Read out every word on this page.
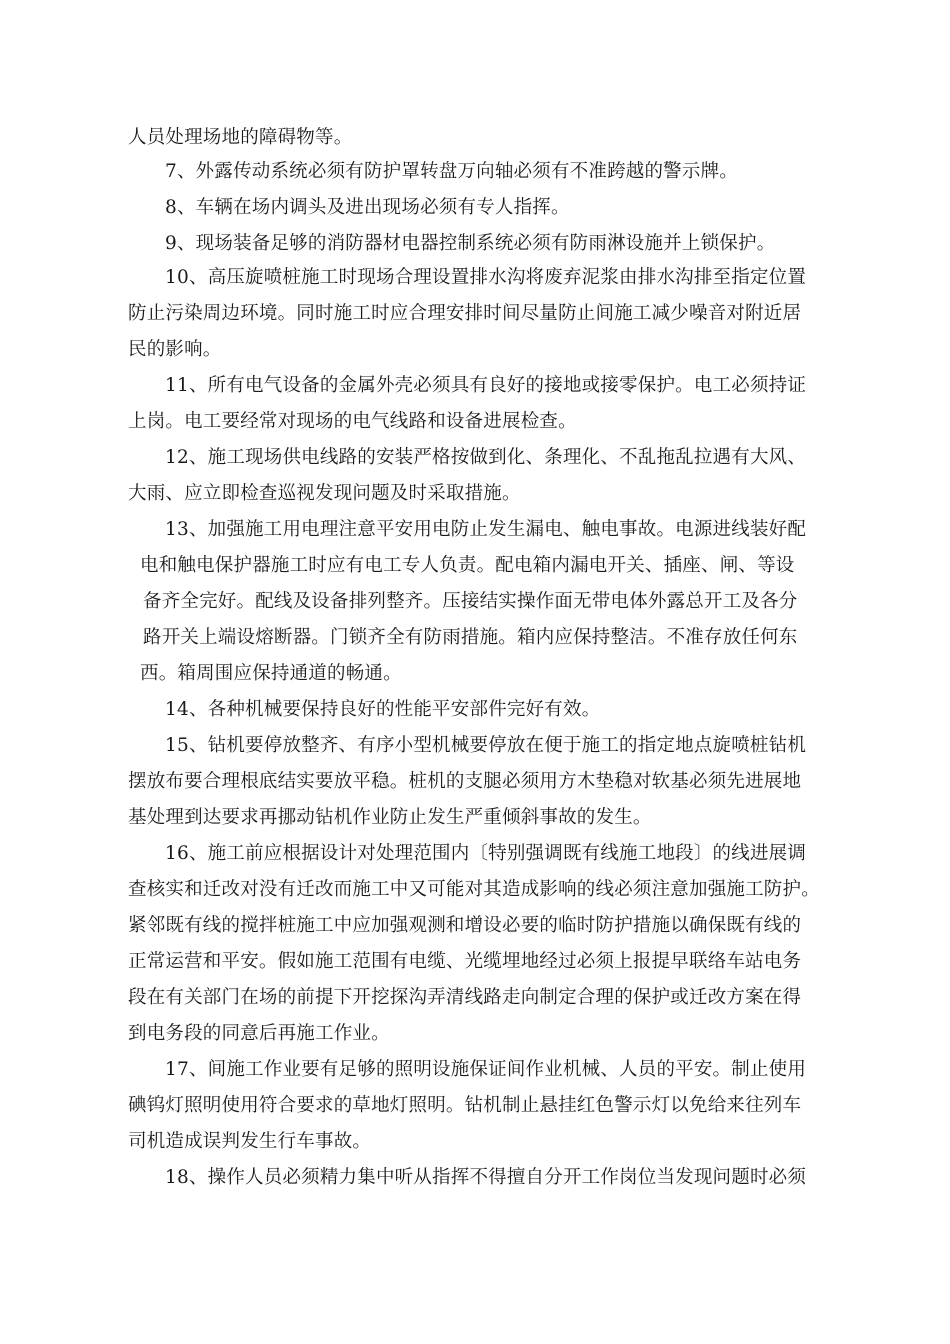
人员处理场地的障碍物等。
7、外露传动系统必须有防护罩转盘万向轴必须有不准跨越的警示牌。
8、车辆在场内调头及进出现场必须有专人指挥。
9、现场装备足够的消防器材电器控制系统必须有防雨淋设施并上锁保护。
10、高压旋喷桩施工时现场合理设置排水沟将废弃泥浆由排水沟排至指定位置
防止污染周边环境。同时施工时应合理安排时间尽量防止间施工减少噪音对附近居
民的影响。
11、所有电气设备的金属外壳必须具有良好的接地或接零保护。电工必须持证
上岗。电工要经常对现场的电气线路和设备进展检查。
12、施工现场供电线路的安装严格按做到化、条理化、不乱拖乱拉遇有大风、
大雨、应立即检查巡视发现问题及时采取措施。
13、加强施工用电理注意平安用电防止发生漏电、触电事故。电源进线装好配
电和触电保护器施工时应有电工专人负责。配电箱内漏电开关、插座、闸、等设
备齐全完好。配线及设备排列整齐。压接结实操作面无带电体外露总开工及各分
路开关上端设熔断器。门锁齐全有防雨措施。箱内应保持整洁。不准存放任何东
西。箱周围应保持通道的畅通。
14、各种机械要保持良好的性能平安部件完好有效。
15、钻机要停放整齐、有序小型机械要停放在便于施工的指定地点旋喷桩钻机
摆放布要合理根底结实要放平稳。桩机的支腿必须用方木垫稳对软基必须先进展地
基处理到达要求再挪动钻机作业防止发生严重倾斜事故的发生。
16、施工前应根据设计对处理范围内〔特别强调既有线施工地段〕的线进展调
查核实和迁改对没有迁改而施工中又可能对其造成影响的线必须注意加强施工防护。
紧邻既有线的搅拌桩施工中应加强观测和增设必要的临时防护措施以确保既有线的
正常运营和平安。假如施工范围有电缆、光缆埋地经过必须上报提早联络车站电务
段在有关部门在场的前提下开挖探沟弄清线路走向制定合理的保护或迁改方案在得
到电务段的同意后再施工作业。
17、间施工作业要有足够的照明设施保证间作业机械、人员的平安。制止使用
碘钨灯照明使用符合要求的草地灯照明。钻机制止悬挂红色警示灯以免给来往列车
司机造成误判发生行车事故。
18、操作人员必须精力集中听从指挥不得擅自分开工作岗位当发现问题时必须
